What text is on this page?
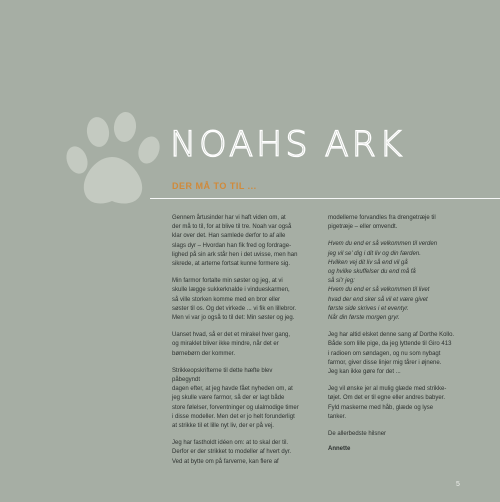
NOAHS ARK
DER MÅ TO TIL ...

Gennem årtusinder har vi haft viden om, at
der må to til, for at blive til tre. Noah var også
klar over det. Han samlede derfor to af alle
slags dyr – Hvordan han fik fred og fordrage-
lighed på sin ark står hen i det uvisse, men han
sikrede, at arterne fortsat kunne formere sig.

Min farmor fortalte min søster og jeg, at vi
skulle lægge sukkerknalde i vindueskarmen,
så ville storken komme med en bror eller
søster til os. Og det virkede ... vi fik en lillebror.
Men vi var jo også to til det: Min søster og jeg.

Uanset hvad, så er det et mirakel hver gang,
og miraklet bliver ikke mindre, når det er
børnebørn der kommer.

Strikkeopskrifterne til dette hæfte blev påbegyndt
dagen efter, at jeg havde fået nyheden om, at
jeg skulle være farmor, så der er lagt både
store følelser, forventninger og ulalmodige timer
i disse modeller. Men det er jo helt forunderligt
at strikke til et lille nyt liv, der er på vej.

Jeg har fastholdt idéen om: at to skal der til.
Derfor er der strikket to modeller af hvert dyr.
Ved at bytte om på farverne, kan flere af

modellerne forvandles fra drengetræje til
pigetræje – eller omvendt.

Hvem du end er så velkommen til verden
jeg vil se' dig i dit liv og din færden.
Hvilken vej dit liv så end vil gå
og hvilke skuffelser du end må få
så si'r jeg:
Hvem du end er så velkommen til livet
hvad der end sker så vil et være givet
første side skrives i et eventyr.
Når din første morgen gryr.

Jeg har altid elsket denne sang af Dorthe Kollo.
Både som lille pige, da jeg lyttende til Giro 413
i radioen om søndagen, og nu som nybagt
farmor, giver disse linjer mig tårer i øjnene.
Jeg kan ikke gøre for det ...

Jeg vil ønske jer al mulig glæde med strikke-
tøjet. Om det er til egne eller andres babyer.
Fyld maskerne med håb, glæde og lyse
tanker.

De allerbedste hilsner

Annette

5
